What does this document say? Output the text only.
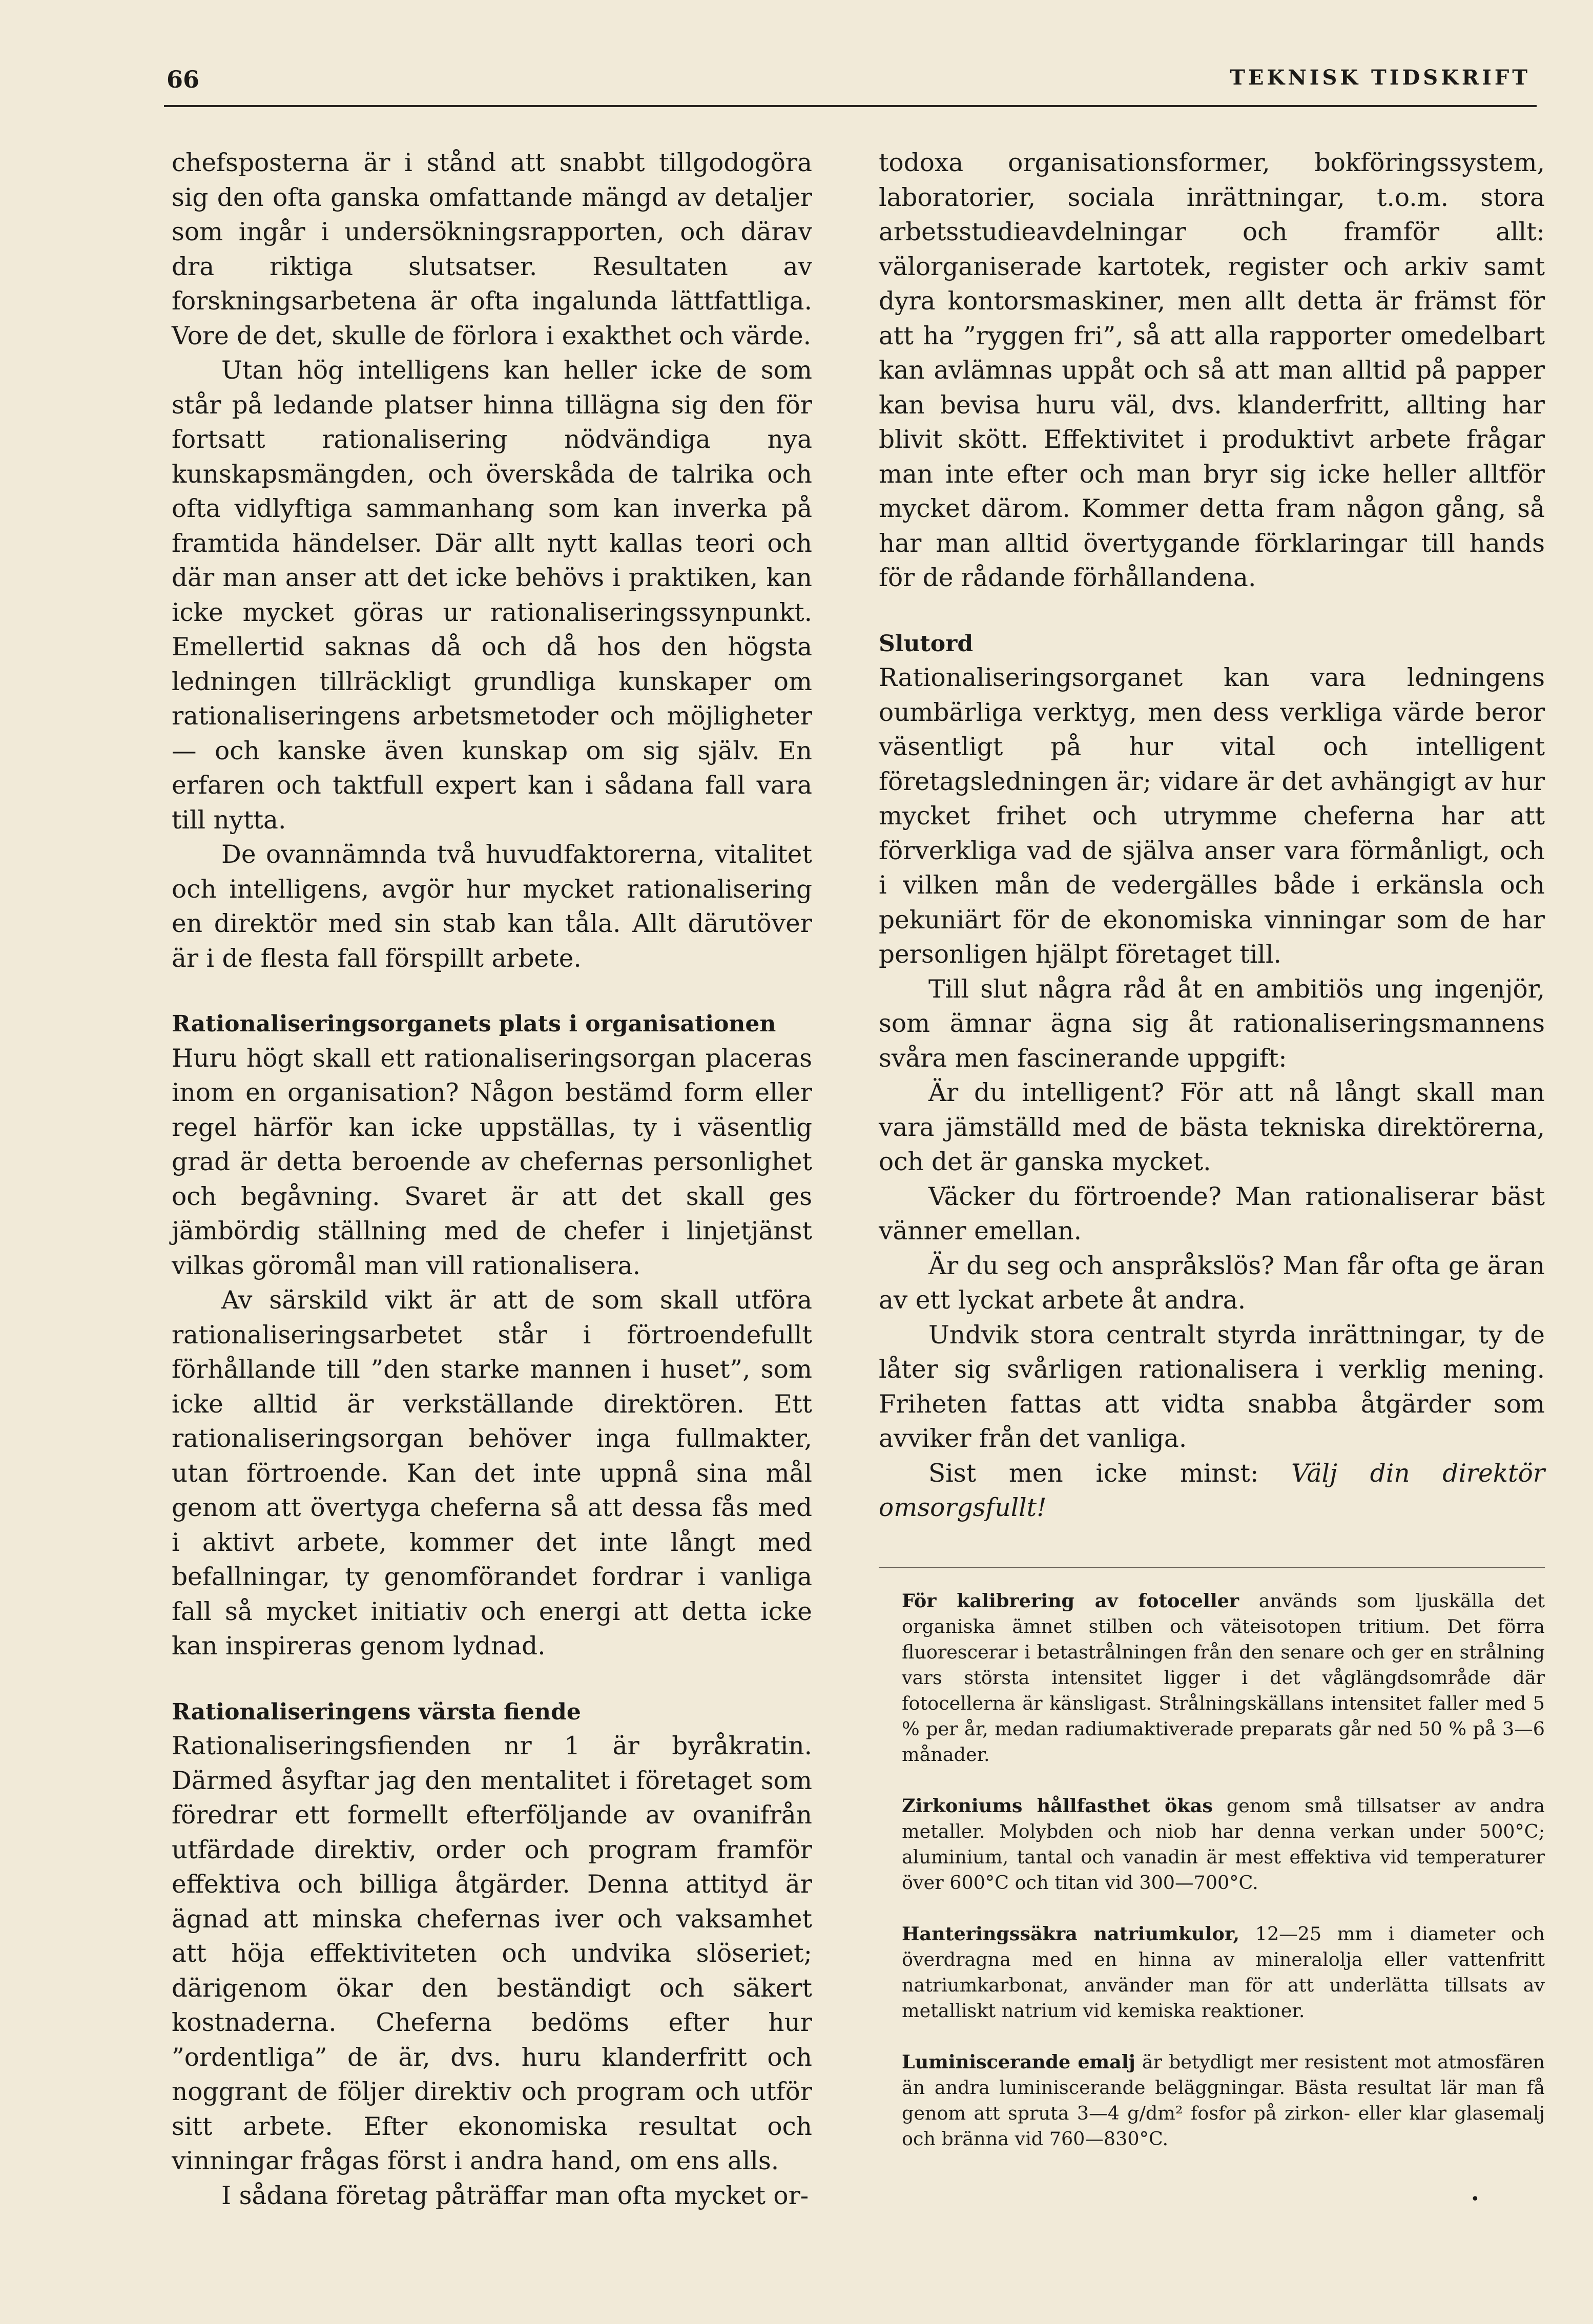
66	TEKNISK TIDSKRIFT

chefsposterna är i stånd att snabbt tillgodogöra sig den ofta ganska omfattande mängd av detaljer som ingår i undersökningsrapporten, och därav dra riktiga slutsatser. Resultaten av forskningsarbetena är ofta ingalunda lättfattliga. Vore de det, skulle de förlora i exakthet och värde.

Utan hög intelligens kan heller icke de som står på ledande platser hinna tillägna sig den för fortsatt rationalisering nödvändiga nya kunskapsmängden, och överskåda de talrika och ofta vidlyftiga sammanhang som kan inverka på framtida händelser. Där allt nytt kallas teori och där man anser att det icke behövs i praktiken, kan icke mycket göras ur rationaliseringssynpunkt. Emellertid saknas då och då hos den högsta ledningen tillräckligt grundliga kunskaper om rationaliseringens arbetsmetoder och möjligheter — och kanske även kunskap om sig själv. En erfaren och taktfull expert kan i sådana fall vara till nytta.

De ovannämnda två huvudfaktorerna, vitalitet och intelligens, avgör hur mycket rationalisering en direktör med sin stab kan tåla. Allt därutöver är i de flesta fall förspillt arbete.

Rationaliseringsorganets plats i organisationen

Huru högt skall ett rationaliseringsorgan placeras inom en organisation? Någon bestämd form eller regel härför kan icke uppställas, ty i väsentlig grad är detta beroende av chefernas personlighet och begåvning. Svaret är att det skall ges jämbördig ställning med de chefer i linjetjänst vilkas göromål man vill rationalisera.

Av särskild vikt är att de som skall utföra rationaliseringsarbetet står i förtroendefullt förhållande till ”den starke mannen i huset”, som icke alltid är verkställande direktören. Ett rationaliseringsorgan behöver inga fullmakter, utan förtroende. Kan det inte uppnå sina mål genom att övertyga cheferna så att dessa fås med i aktivt arbete, kommer det inte långt med befallningar, ty genomförandet fordrar i vanliga fall så mycket initiativ och energi att detta icke kan inspireras genom lydnad.

Rationaliseringens värsta fiende

Rationaliseringsfienden nr 1 är byråkratin. Därmed åsyftar jag den mentalitet i företaget som föredrar ett formellt efterföljande av ovanifrån utfärdade direktiv, order och program framför effektiva och billiga åtgärder. Denna attityd är ägnad att minska chefernas iver och vaksamhet att höja effektiviteten och undvika slöseriet; därigenom ökar den beständigt och säkert kostnaderna. Cheferna bedöms efter hur ”ordentliga” de är, dvs. huru klanderfritt och noggrant de följer direktiv och program och utför sitt arbete. Efter ekonomiska resultat och vinningar frågas först i andra hand, om ens alls.

I sådana företag påträffar man ofta mycket or-

todoxa organisationsformer, bokföringssystem, laboratorier, sociala inrättningar, t.o.m. stora arbetsstudieavdelningar och framför allt: välorganiserade kartotek, register och arkiv samt dyra kontorsmaskiner, men allt detta är främst för att ha ”ryggen fri”, så att alla rapporter omedelbart kan avlämnas uppåt och så att man alltid på papper kan bevisa huru väl, dvs. klanderfritt, allting har blivit skött. Effektivitet i produktivt arbete frågar man inte efter och man bryr sig icke heller alltför mycket därom. Kommer detta fram någon gång, så har man alltid övertygande förklaringar till hands för de rådande förhållandena.

Slutord

Rationaliseringsorganet kan vara ledningens oumbärliga verktyg, men dess verkliga värde beror väsentligt på hur vital och intelligent företagsledningen är; vidare är det avhängigt av hur mycket frihet och utrymme cheferna har att förverkliga vad de själva anser vara förmånligt, och i vilken mån de vedergälles både i erkänsla och pekuniärt för de ekonomiska vinningar som de har personligen hjälpt företaget till.

Till slut några råd åt en ambitiös ung ingenjör, som ämnar ägna sig åt rationaliseringsmannens svåra men fascinerande uppgift:

Är du intelligent? För att nå långt skall man vara jämställd med de bästa tekniska direktörerna, och det är ganska mycket.

Väcker du förtroende? Man rationaliserar bäst vänner emellan.

Är du seg och anspråkslös? Man får ofta ge äran av ett lyckat arbete åt andra.

Undvik stora centralt styrda inrättningar, ty de låter sig svårligen rationalisera i verklig mening. Friheten fattas att vidta snabba åtgärder som avviker från det vanliga.

Sist men icke minst: Välj din direktör omsorgsfullt!

För kalibrering av fotoceller används som ljuskälla det organiska ämnet stilben och väteisotopen tritium. Det förra fluorescerar i betastrålningen från den senare och ger en strålning vars största intensitet ligger i det våglängdsområde där fotocellerna är känsligast. Strålningskällans intensitet faller med 5 % per år, medan radiumaktiverade preparats går ned 50 % på 3—6 månader.

Zirkoniums hållfasthet ökas genom små tillsatser av andra metaller. Molybden och niob har denna verkan under 500°C; aluminium, tantal och vanadin är mest effektiva vid temperaturer över 600°C och titan vid 300—700°C.

Hanteringssäkra natriumkulor, 12—25 mm i diameter och överdragna med en hinna av mineralolja eller vattenfritt natriumkarbonat, använder man för att underlätta tillsats av metalliskt natrium vid kemiska reaktioner.

Luminiscerande emalj är betydligt mer resistent mot atmosfären än andra luminiscerande beläggningar. Bästa resultat lär man få genom att spruta 3—4 g/dm² fosfor på zirkon- eller klar glasemalj och bränna vid 760—830°C.

•
